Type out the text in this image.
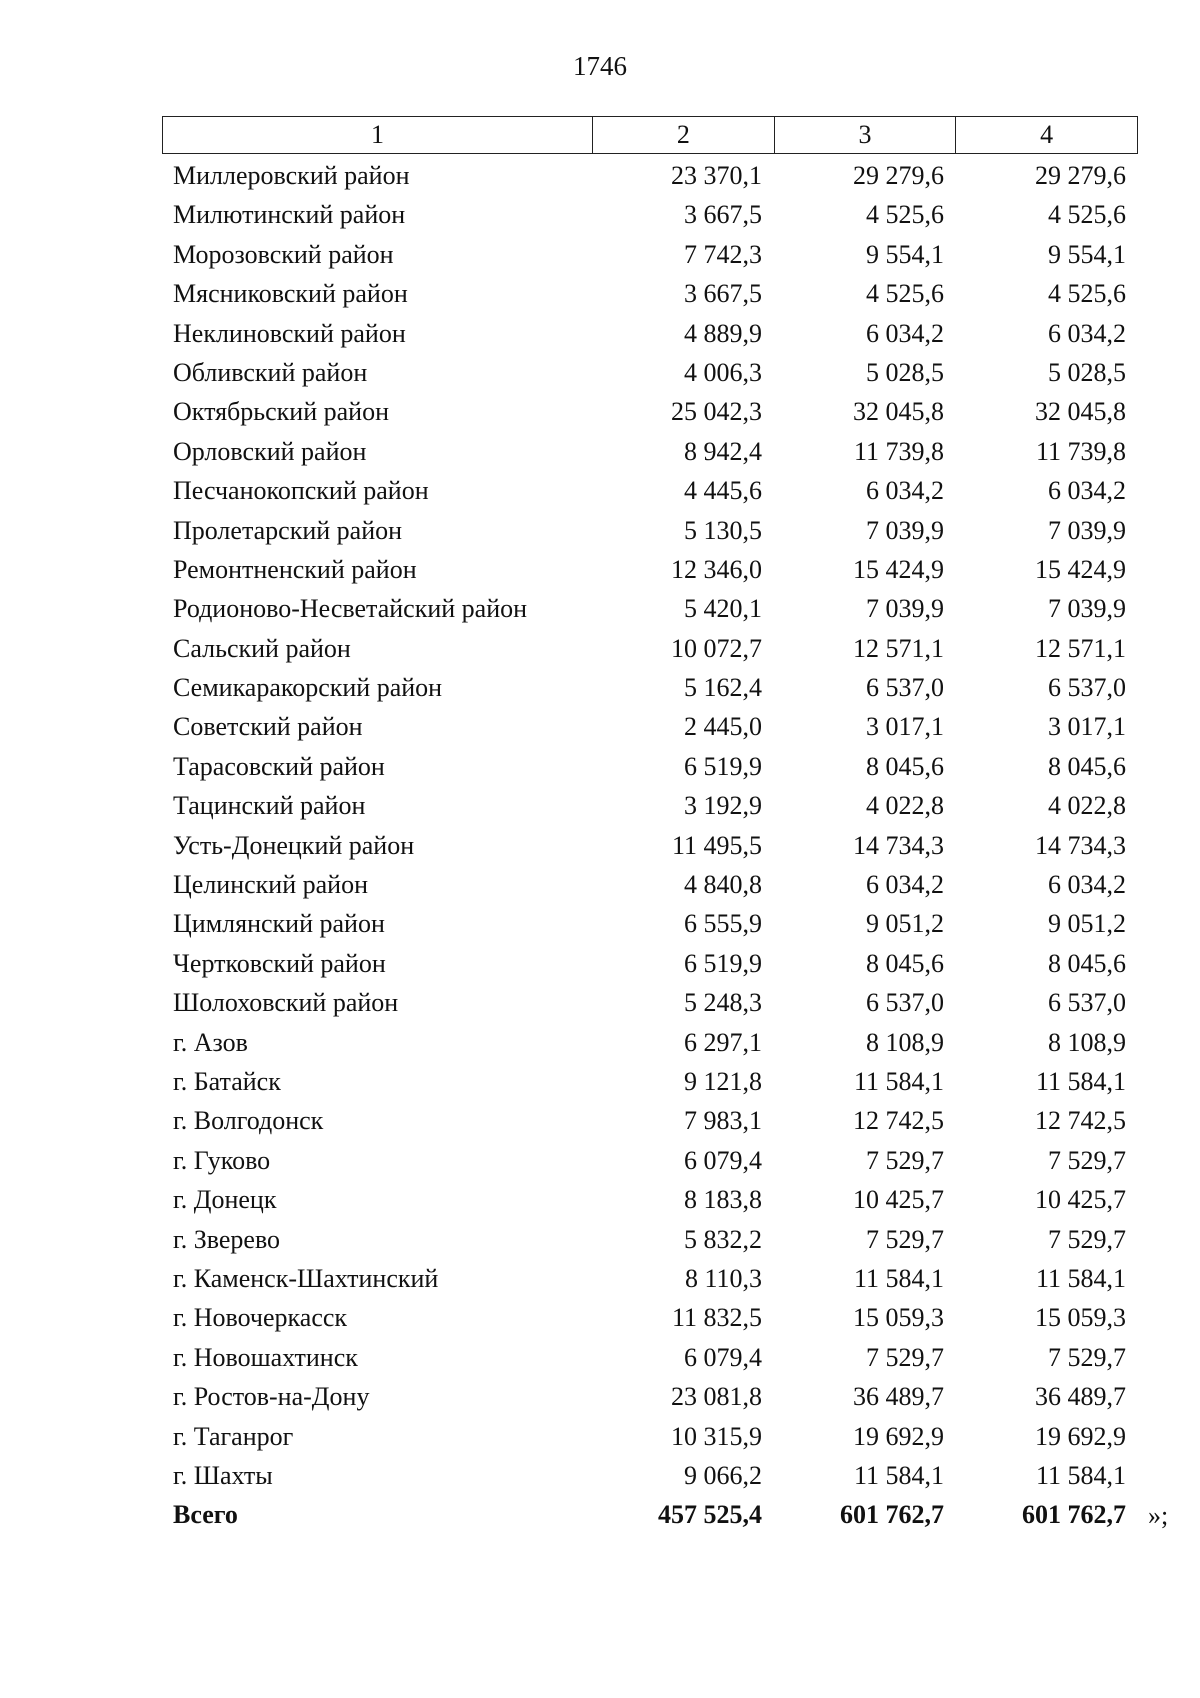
1746
1	2	3	4
Миллеровский район	23 370,1	29 279,6	29 279,6
Милютинский район	3 667,5	4 525,6	4 525,6
Морозовский район	7 742,3	9 554,1	9 554,1
Мясниковский район	3 667,5	4 525,6	4 525,6
Неклиновский район	4 889,9	6 034,2	6 034,2
Обливский район	4 006,3	5 028,5	5 028,5
Октябрьский район	25 042,3	32 045,8	32 045,8
Орловский район	8 942,4	11 739,8	11 739,8
Песчанокопский район	4 445,6	6 034,2	6 034,2
Пролетарский район	5 130,5	7 039,9	7 039,9
Ремонтненский район	12 346,0	15 424,9	15 424,9
Родионово-Несветайский район	5 420,1	7 039,9	7 039,9
Сальский район	10 072,7	12 571,1	12 571,1
Семикаракорский район	5 162,4	6 537,0	6 537,0
Советский район	2 445,0	3 017,1	3 017,1
Тарасовский район	6 519,9	8 045,6	8 045,6
Тацинский район	3 192,9	4 022,8	4 022,8
Усть-Донецкий район	11 495,5	14 734,3	14 734,3
Целинский район	4 840,8	6 034,2	6 034,2
Цимлянский район	6 555,9	9 051,2	9 051,2
Чертковский район	6 519,9	8 045,6	8 045,6
Шолоховский район	5 248,3	6 537,0	6 537,0
г. Азов	6 297,1	8 108,9	8 108,9
г. Батайск	9 121,8	11 584,1	11 584,1
г. Волгодонск	7 983,1	12 742,5	12 742,5
г. Гуково	6 079,4	7 529,7	7 529,7
г. Донецк	8 183,8	10 425,7	10 425,7
г. Зверево	5 832,2	7 529,7	7 529,7
г. Каменск-Шахтинский	8 110,3	11 584,1	11 584,1
г. Новочеркасск	11 832,5	15 059,3	15 059,3
г. Новошахтинск	6 079,4	7 529,7	7 529,7
г. Ростов-на-Дону	23 081,8	36 489,7	36 489,7
г. Таганрог	10 315,9	19 692,9	19 692,9
г. Шахты	9 066,2	11 584,1	11 584,1
Всего	457 525,4	601 762,7	601 762,7 »;
